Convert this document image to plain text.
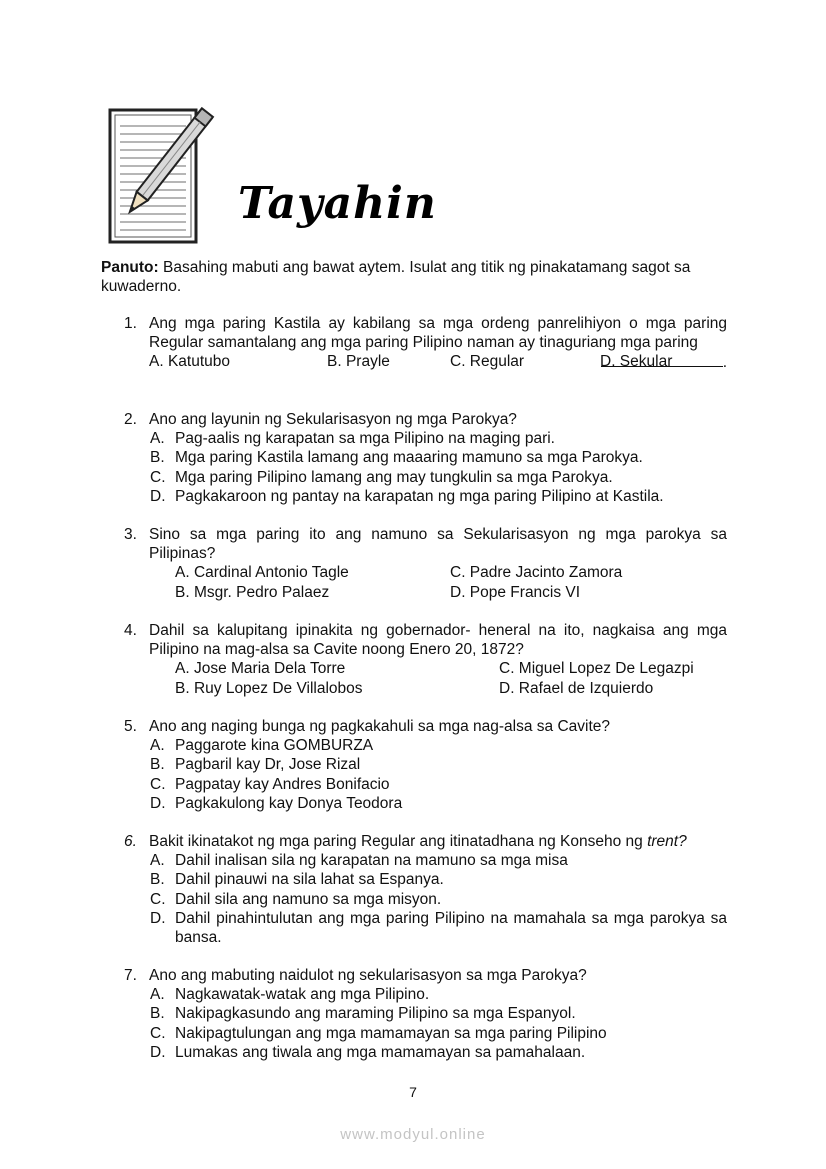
Tayahin
Panuto: Basahing mabuti ang bawat aytem. Isulat ang titik ng pinakatamang sagot sa kuwaderno.
1. Ang mga paring Kastila ay kabilang sa mga ordeng panrelihiyon o mga paring Regular samantalang ang mga paring Pilipino naman ay tinaguriang mga paring
.
A. Katutubo	B. Prayle	C. Regular	D. Sekular
2. Ano ang layunin ng Sekularisasyon ng mga Parokya?
A. Pag-aalis ng karapatan sa mga Pilipino na maging pari.
B. Mga paring Kastila lamang ang maaaring mamuno sa mga Parokya.
C. Mga paring Pilipino lamang ang may tungkulin sa mga Parokya.
D. Pagkakaroon ng pantay na karapatan ng mga paring Pilipino at Kastila.
3. Sino sa mga paring ito ang namuno sa Sekularisasyon ng mga parokya sa Pilipinas?
A. Cardinal Antonio Tagle	C. Padre Jacinto Zamora
B. Msgr. Pedro Palaez	D. Pope Francis VI
4. Dahil sa kalupitang ipinakita ng gobernador- heneral na ito, nagkaisa ang mga Pilipino na mag-alsa sa Cavite noong Enero 20, 1872?
A. Jose Maria Dela Torre	C. Miguel Lopez De Legazpi
B. Ruy Lopez De Villalobos	D. Rafael de Izquierdo
5. Ano ang naging bunga ng pagkakahuli sa mga nag-alsa sa Cavite?
A. Paggarote kina GOMBURZA
B. Pagbaril kay Dr, Jose Rizal
C. Pagpatay kay Andres Bonifacio
D. Pagkakulong kay Donya Teodora
6. Bakit ikinatakot ng mga paring Regular ang itinatadhana ng Konseho ng trent?
A. Dahil inalisan sila ng karapatan na mamuno sa mga misa
B. Dahil pinauwi na sila lahat sa Espanya.
C. Dahil sila ang namuno sa mga misyon.
D. Dahil pinahintulutan ang mga paring Pilipino na mamahala sa mga parokya sa bansa.
7. Ano ang mabuting naidulot ng sekularisasyon sa mga Parokya?
A. Nagkawatak-watak ang mga Pilipino.
B. Nakipagkasundo ang maraming Pilipino sa mga Espanyol.
C. Nakipagtulungan ang mga mamamayan sa mga paring Pilipino
D. Lumakas ang tiwala ang mga mamamayan sa pamahalaan.
7
www.modyul.online
